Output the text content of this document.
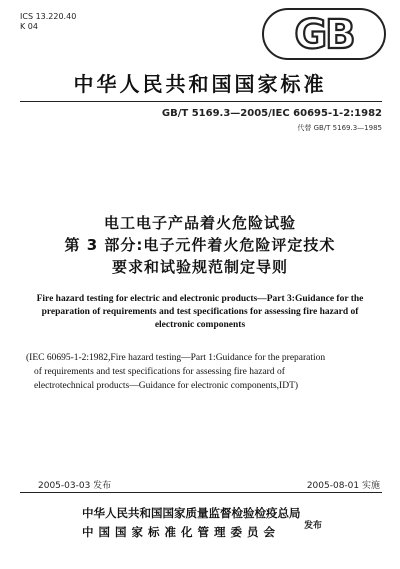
ICS 13.220.40
K 04	GB
中华人民共和国国家标准
GB/T 5169.3—2005/IEC 60695-1-2:1982
代替 GB/T 5169.3—1985
电工电子产品着火危险试验
第 3 部分:电子元件着火危险评定技术
要求和试验规范制定导则
Fire hazard testing for electric and electronic products—Part 3:Guidance for the
preparation of requirements and test specifications for assessing fire hazard of
electronic components
(IEC 60695-1-2:1982,Fire hazard testing—Part 1:Guidance for the preparation
of requirements and test specifications for assessing fire hazard of
electrotechnical products—Guidance for electronic components,IDT)
2005-03-03 发布	2005-08-01 实施
中华人民共和国国家质量监督检验检疫总局
中 国 国 家 标 准 化 管 理 委 员 会	发布
